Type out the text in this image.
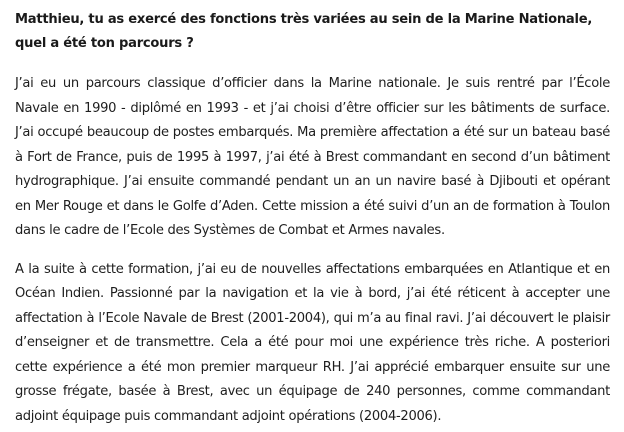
Matthieu, tu as exercé des fonctions très variées au sein de la Marine Nationale, quel a été ton parcours ?

J’ai eu un parcours classique d’officier dans la Marine nationale. Je suis rentré par l’École Navale en 1990 - diplômé en 1993 - et j’ai choisi d’être officier sur les bâtiments de surface. J’ai occupé beaucoup de postes embarqués. Ma première affectation a été sur un bateau basé à Fort de France, puis de 1995 à 1997, j’ai été à Brest commandant en second d’un bâtiment hydrographique. J’ai ensuite commandé pendant un an un navire basé à Djibouti et opérant en Mer Rouge et dans le Golfe d’Aden. Cette mission a été suivi d’un an de formation à Toulon dans le cadre de l’Ecole des Systèmes de Combat et Armes navales.

A la suite à cette formation, j’ai eu de nouvelles affectations embarquées en Atlantique et en Océan Indien. Passionné par la navigation et la vie à bord, j’ai été réticent à accepter une affectation à l’Ecole Navale de Brest (2001-2004), qui m’a au final ravi. J’ai découvert le plaisir d’enseigner et de transmettre. Cela a été pour moi une expérience très riche. A posteriori cette expérience a été mon premier marqueur RH. J’ai apprécié embarquer ensuite sur une grosse frégate, basée à Brest, avec un équipage de 240 personnes, comme commandant adjoint équipage puis commandant adjoint opérations (2004-2006).
